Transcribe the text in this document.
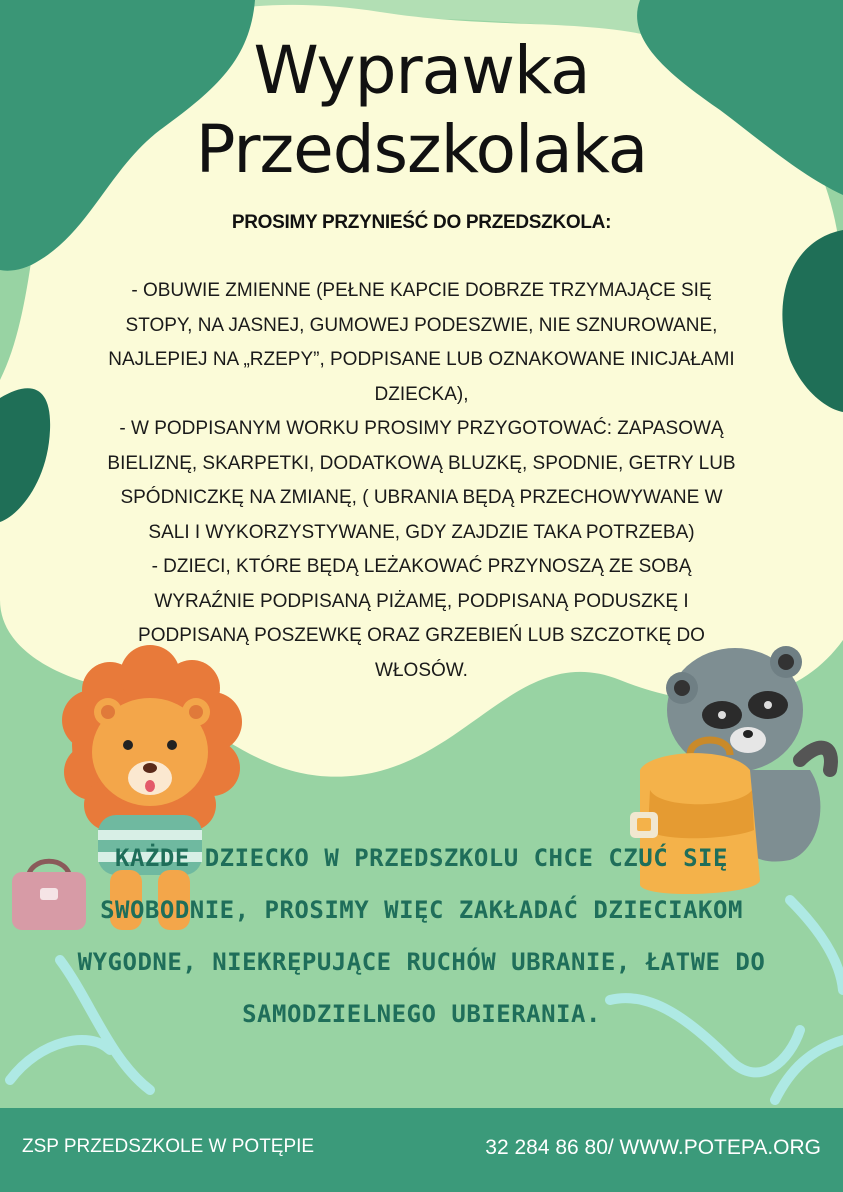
Wyprawka
Przedszkolaka
PROSIMY PRZYNIEŚĆ DO PRZEDSZKOLA:
- OBUWIE ZMIENNE (PEŁNE KAPCIE DOBRZE TRZYMAJĄCE SIĘ
STOPY, NA JASNEJ, GUMOWEJ PODESZWIE, NIE SZNUROWANE,
NAJLEPIEJ NA „RZEPY”, PODPISANE LUB OZNAKOWANE INICJAŁAMI
DZIECKA),
- W PODPISANYM WORKU PROSIMY PRZYGOTOWAĆ: ZAPASOWĄ
BIELIZNĘ, SKARPETKI, DODATKOWĄ BLUZKĘ, SPODNIE, GETRY LUB
SPÓDNICZKĘ NA ZMIANĘ, ( UBRANIA BĘDĄ PRZECHOWYWANE W
SALI I WYKORZYSTYWANE, GDY ZAJDZIE TAKA POTRZEBA)
- DZIECI, KTÓRE BĘDĄ LEŻAKOWAĆ PRZYNOSZĄ ZE SOBĄ
WYRAŹNIE PODPISANĄ PIŻAMĘ, PODPISANĄ PODUSZKĘ I
PODPISANĄ POSZEWKĘ ORAZ GRZEBIEŃ LUB SZCZOTKĘ DO
WŁOSÓW.
KAŻDE DZIECKO W PRZEDSZKOLU CHCE CZUĆ SIĘ
SWOBODNIE, PROSIMY WIĘC ZAKŁADAĆ DZIECIAKOM
WYGODNE, NIEKRĘPUJĄCE RUCHÓW UBRANIE, ŁATWE DO
SAMODZIELNEGO UBIERANIA.
ZSP PRZEDSZKOLE W POTĘPIE	32 284 86 80/ WWW.POTEPA.ORG
